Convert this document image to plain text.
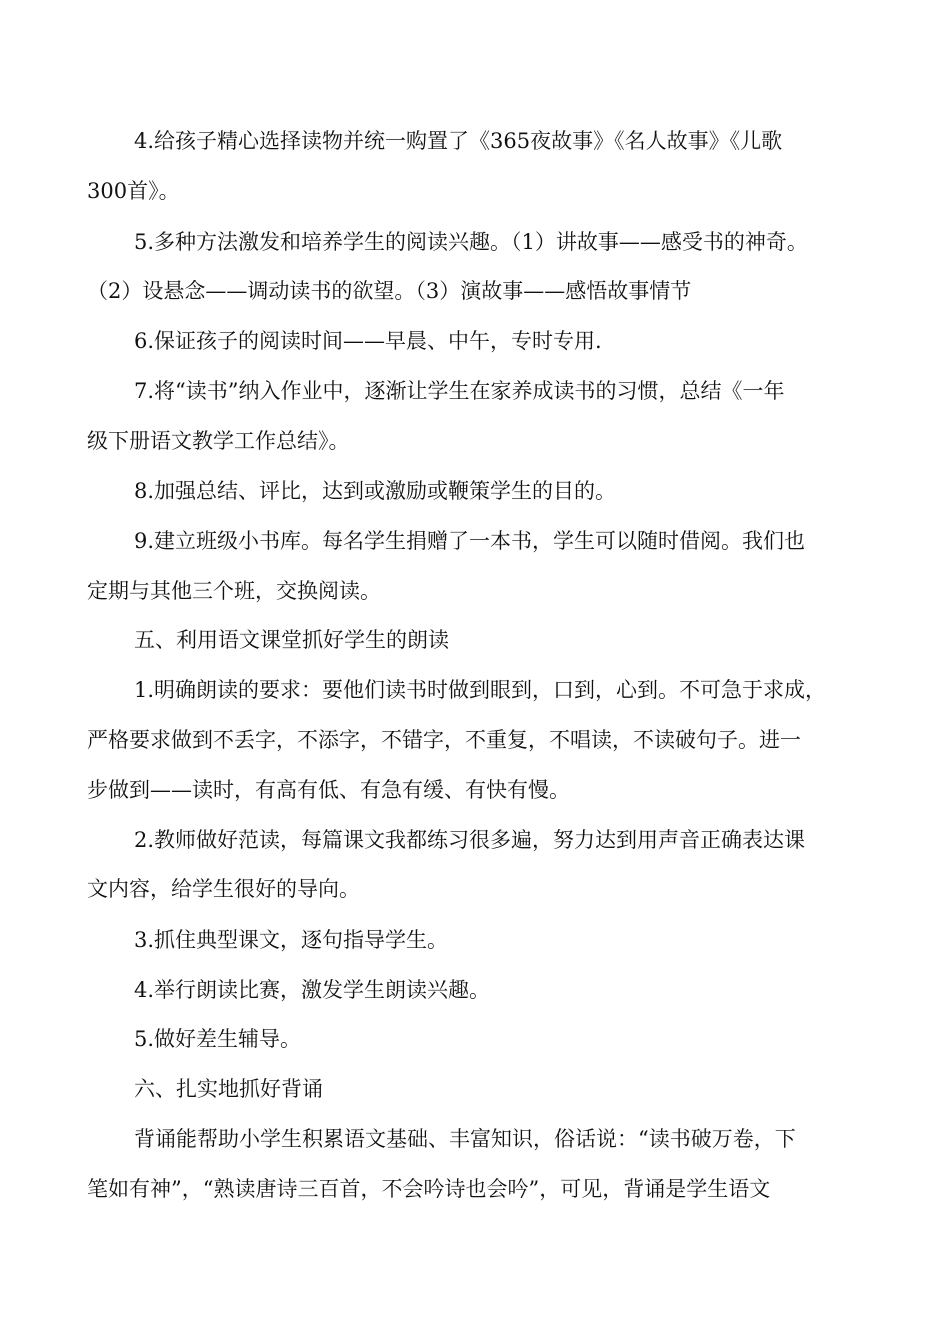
4.给孩子精心选择读物并统一购置了《365夜故事》《名人故事》《儿歌
300首》。
5.多种方法激发和培养学生的阅读兴趣。（1）讲故事——感受书的神奇。
（2）设悬念——调动读书的欲望。（3）演故事——感悟故事情节
6.保证孩子的阅读时间——早晨、中午，专时专用.
7.将“读书”纳入作业中，逐渐让学生在家养成读书的习惯，总结《一年
级下册语文教学工作总结》。
8.加强总结、评比，达到或激励或鞭策学生的目的。
9.建立班级小书库。每名学生捐赠了一本书，学生可以随时借阅。我们也
定期与其他三个班，交换阅读。
五、利用语文课堂抓好学生的朗读
1.明确朗读的要求：要他们读书时做到眼到，口到，心到。不可急于求成，
严格要求做到不丢字，不添字，不错字，不重复，不唱读，不读破句子。进一
步做到——读时，有高有低、有急有缓、有快有慢。
2.教师做好范读，每篇课文我都练习很多遍，努力达到用声音正确表达课
文内容，给学生很好的导向。
3.抓住典型课文，逐句指导学生。
4.举行朗读比赛，激发学生朗读兴趣。
5.做好差生辅导。
六、扎实地抓好背诵
背诵能帮助小学生积累语文基础、丰富知识，俗话说：“读书破万卷，下
笔如有神”，“熟读唐诗三百首，不会吟诗也会吟”，可见，背诵是学生语文
